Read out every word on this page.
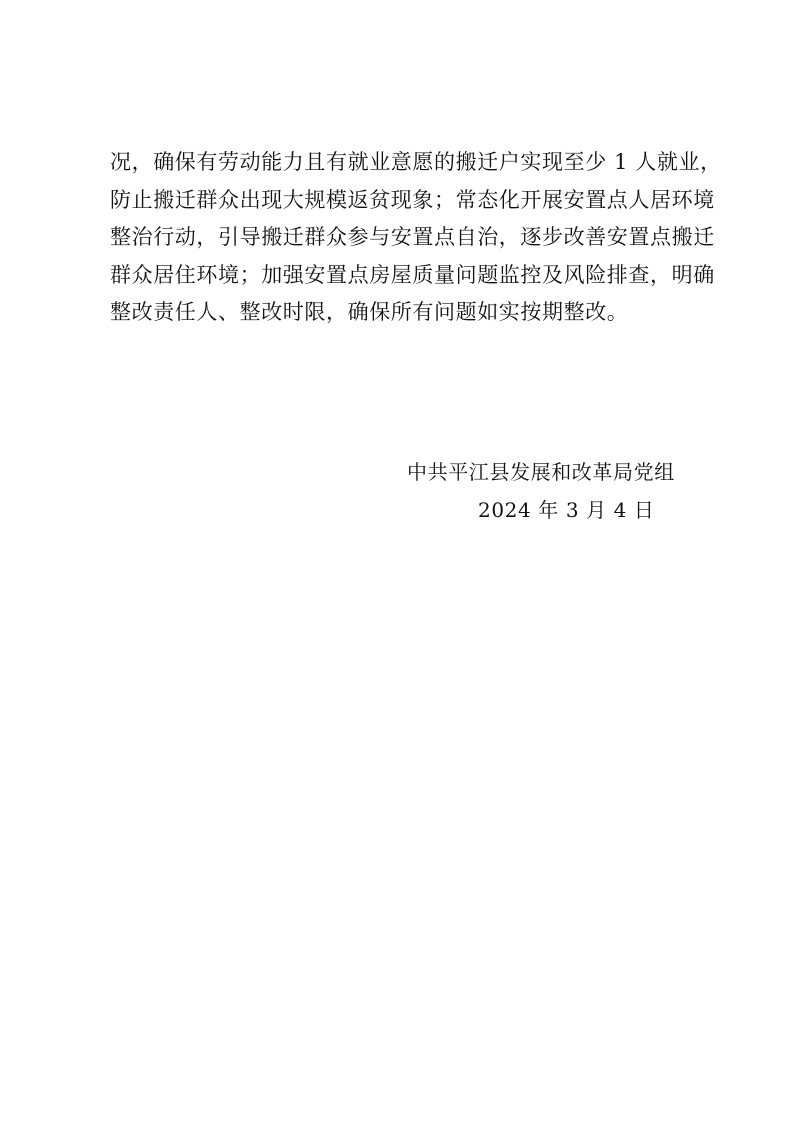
况，确保有劳动能力且有就业意愿的搬迁户实现至少 1 人就业，
防止搬迁群众出现大规模返贫现象；常态化开展安置点人居环境
整治行动，引导搬迁群众参与安置点自治，逐步改善安置点搬迁
群众居住环境；加强安置点房屋质量问题监控及风险排查，明确
整改责任人、整改时限，确保所有问题如实按期整改。
中共平江县发展和改革局党组
2024 年 3 月 4 日
